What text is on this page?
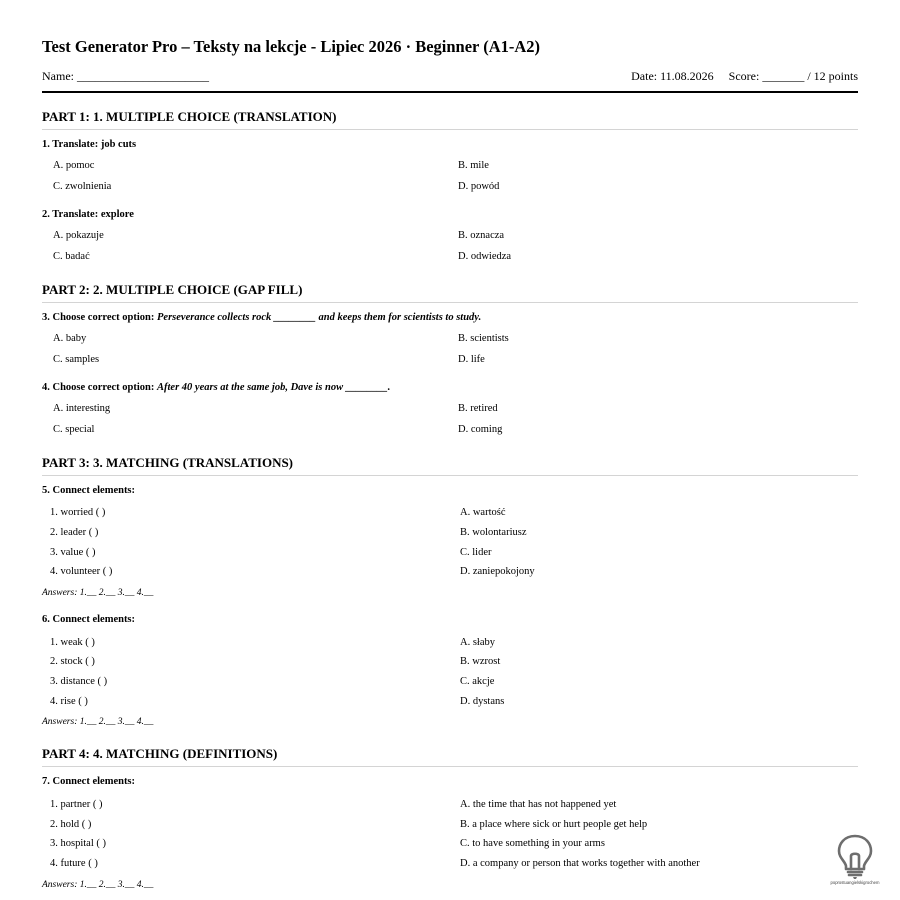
Test Generator Pro – Teksty na lekcje - Lipiec 2026 · Beginner (A1-A2)
Name: ______________________	Date: 11.08.2026 Score: _______ / 12 points
PART 1: 1. MULTIPLE CHOICE (TRANSLATION)
1. Translate: job cuts
A. pomoc	B. mile
C. zwolnienia	D. powód
2. Translate: explore
A. pokazuje	B. oznacza
C. badać	D. odwiedza
PART 2: 2. MULTIPLE CHOICE (GAP FILL)
3. Choose correct option: Perseverance collects rock ________ and keeps them for scientists to study.
A. baby	B. scientists
C. samples	D. life
4. Choose correct option: After 40 years at the same job, Dave is now ________.
A. interesting	B. retired
C. special	D. coming
PART 3: 3. MATCHING (TRANSLATIONS)
5. Connect elements:
1. worried ( )	A. wartość
2. leader ( )	B. wolontariusz
3. value ( )	C. lider
4. volunteer ( )	D. zaniepokojony
Answers: 1.__ 2.__ 3.__ 4.__
6. Connect elements:
1. weak ( )	A. słaby
2. stock ( )	B. wzrost
3. distance ( )	C. akcje
4. rise ( )	D. dystans
Answers: 1.__ 2.__ 3.__ 4.__
PART 4: 4. MATCHING (DEFINITIONS)
7. Connect elements:
1. partner ( )	A. the time that has not happened yet
2. hold ( )	B. a place where sick or hurt people get help
3. hospital ( )	C. to have something in your arms
4. future ( )	D. a company or person that works together with another
Answers: 1.__ 2.__ 3.__ 4.__	poprostuangielskigrochem
